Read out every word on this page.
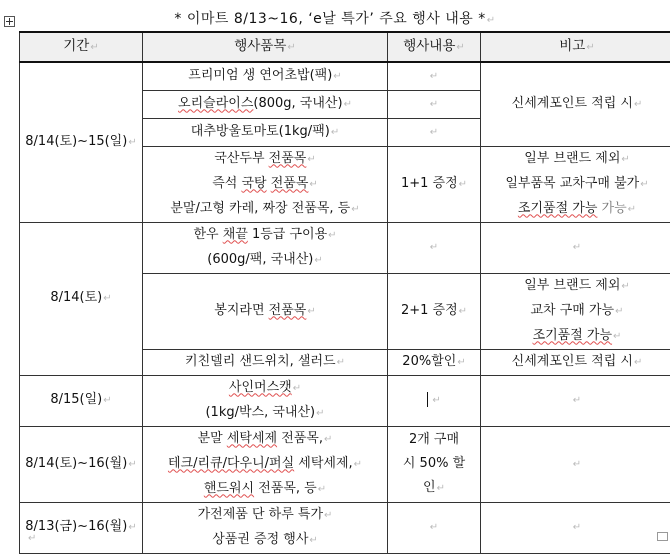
* 이마트 8/13~16, ‘e날 특가’ 주요 행사 내용 *↵
기간↵	행사품목↵	행사내용↵	비고↵
8/14(토)~15(일)↵	프리미엄 생 연어초밥(팩)↵	↵	신세계포인트 적립 시↵
	오리슬라이스(800g, 국내산)↵	↵	
	대추방울토마토(1kg/팩)↵	↵	

	국산두부 전품목↵
즉석 국탕 전품목↵
분말/고형 카레, 짜장 전품목, 등↵	1+1 증정↵	일부 브랜드 제외↵
일부품목 교차구매 불가↵
조기품절 가능 가능↵

8/14(토)↵	한우 채끝 1등급 구이용↵
(600g/팩, 국내산)↵	↵	↵
	봉지라면 전품목↵	2+1 증정↵	일부 브랜드 제외↵
교차 구매 가능↵
조기품절 가능↵

	키친델리 샌드위치, 샐러드↵	20%할인↵	신세계포인트 적립 시↵
8/15(일)↵	사인머스캣↵
(1kg/박스, 국내산)↵	↵	↵
8/14(토)~16(월)↵	분말 세탁세제 전품목,↵
테크/리큐/다우니/퍼실 세탁세제,↵
핸드워시 전품목, 등↵	2개 구매
시 50% 할
인↵	↵
8/13(금)~16(월)↵	가전제품 단 하루 특가↵
상품권 증정 행사↵	↵	↵
↵
